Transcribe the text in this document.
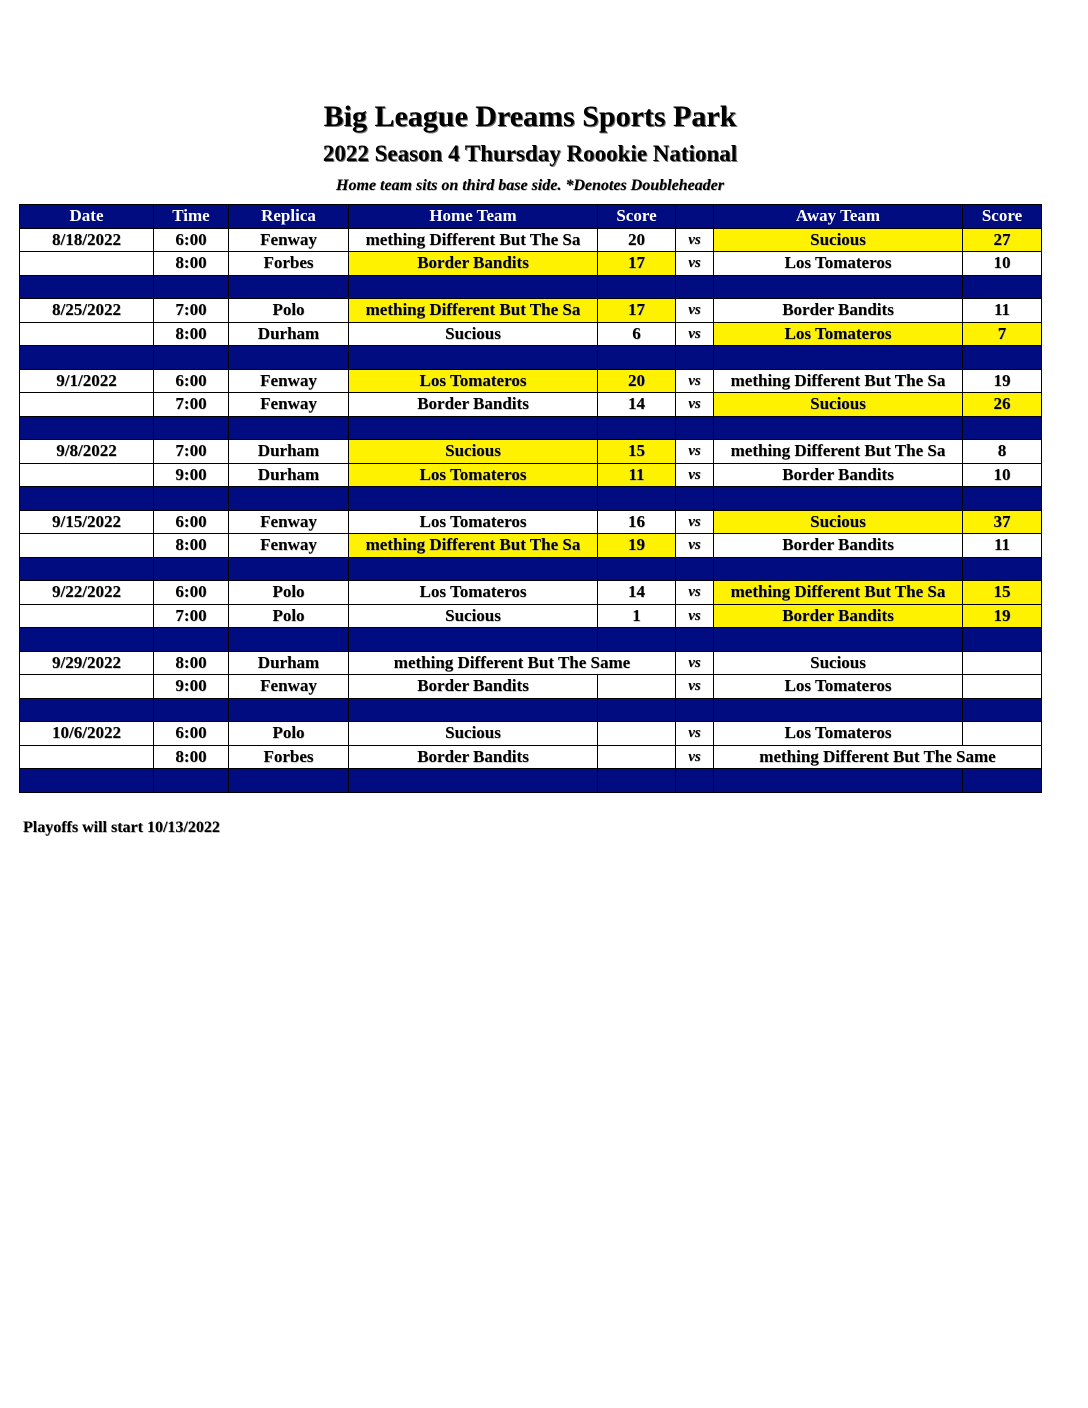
Big League Dreams Sports Park
2022 Season 4 Thursday Roookie National
Home team sits on third base side. *Denotes Doubleheader
Date	Time	Replica	Home Team	Score		Away Team	Score
8/18/2022	6:00	Fenway	mething Different But The Sa	20	vs	Sucious	27
	8:00	Forbes	Border Bandits	17	vs	Los Tomateros	10

8/25/2022	7:00	Polo	mething Different But The Sa	17	vs	Border Bandits	11
	8:00	Durham	Sucious	6	vs	Los Tomateros	7

9/1/2022	6:00	Fenway	Los Tomateros	20	vs	mething Different But The Sa	19
	7:00	Fenway	Border Bandits	14	vs	Sucious	26

9/8/2022	7:00	Durham	Sucious	15	vs	mething Different But The Sa	8
	9:00	Durham	Los Tomateros	11	vs	Border Bandits	10

9/15/2022	6:00	Fenway	Los Tomateros	16	vs	Sucious	37
	8:00	Fenway	mething Different But The Sa	19	vs	Border Bandits	11

9/22/2022	6:00	Polo	Los Tomateros	14	vs	mething Different But The Sa	15
	7:00	Polo	Sucious	1	vs	Border Bandits	19

9/29/2022	8:00	Durham	mething Different But The Same		vs	Sucious	
	9:00	Fenway	Border Bandits		vs	Los Tomateros	

10/6/2022	6:00	Polo	Sucious		vs	Los Tomateros	
	8:00	Forbes	Border Bandits		vs	mething Different But The Same	

Playoffs will start 10/13/2022
